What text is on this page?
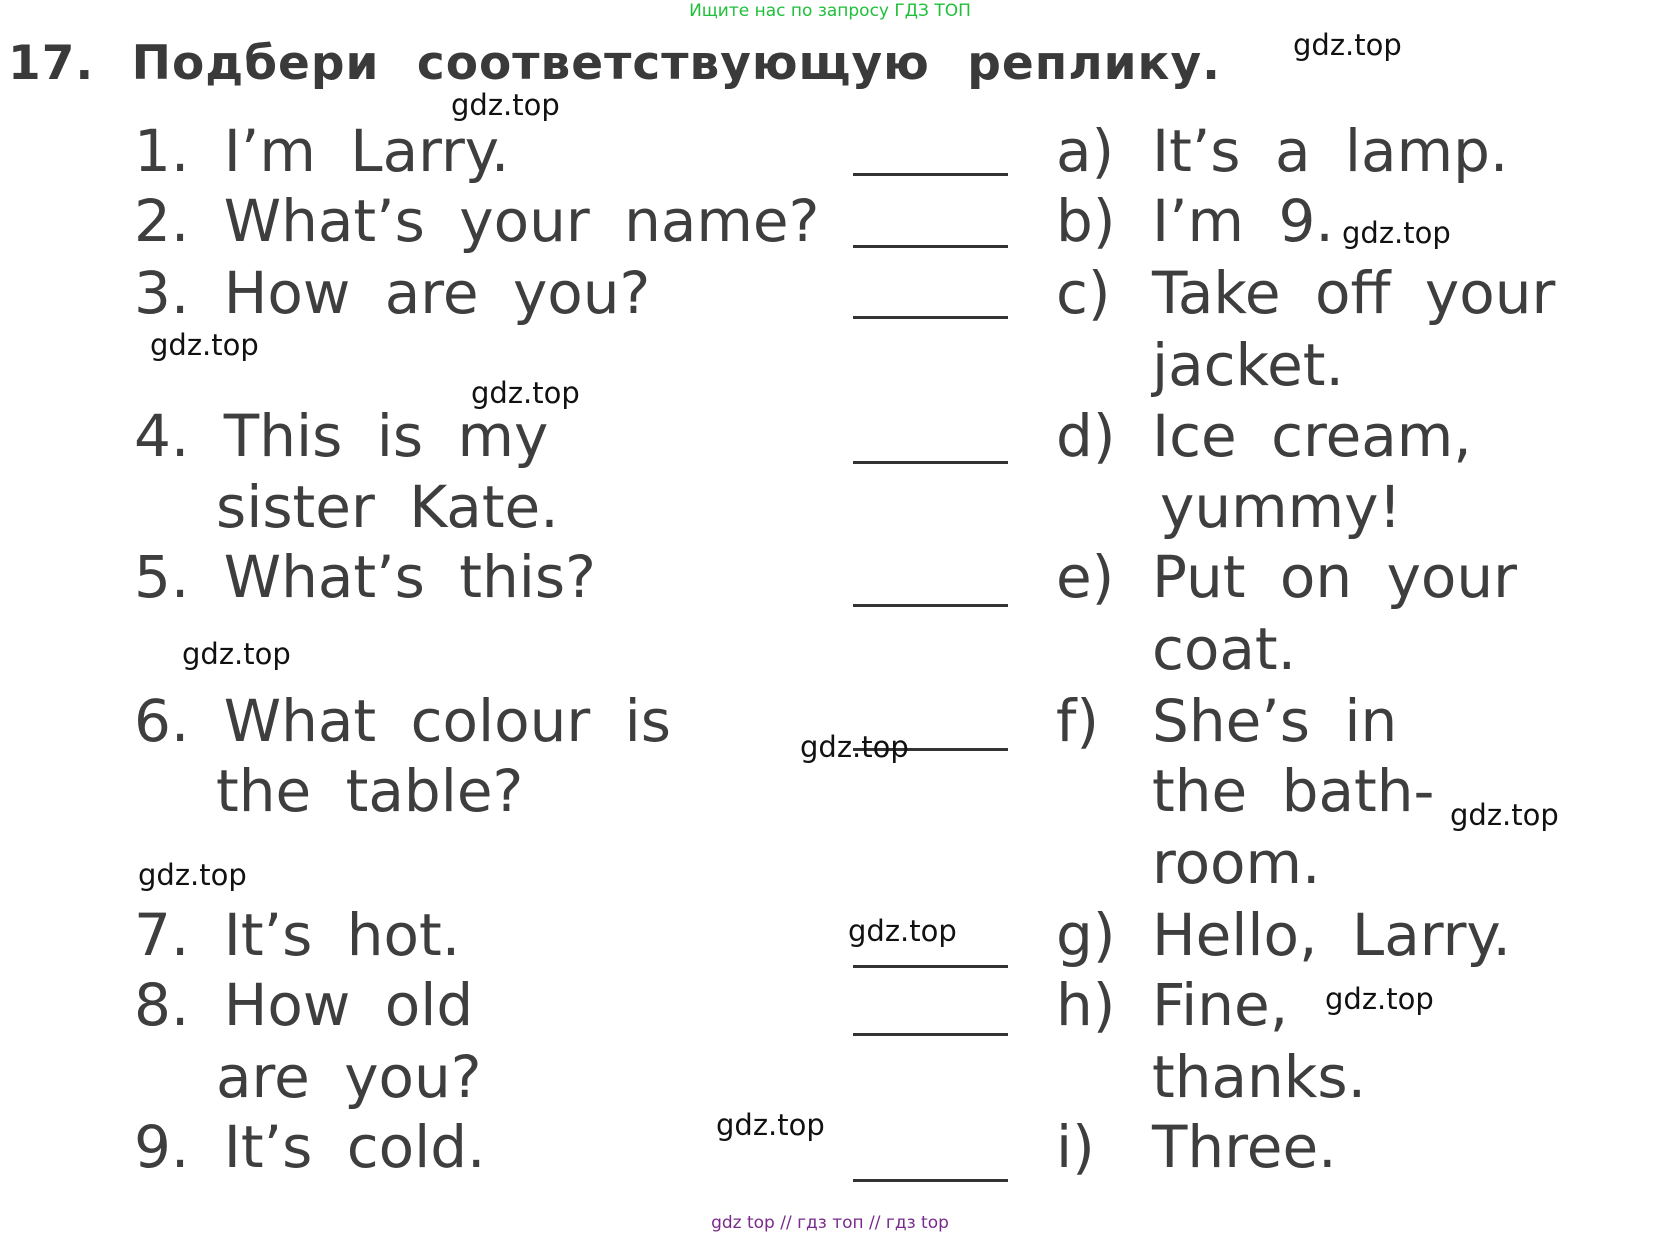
Ищите нас по запросу ГДЗ ТОП
17. Подбери соответствующую реплику.
1. I’m Larry.
2. What’s your name?
3. How are you?
4. This is my
sister Kate.
5. What’s this?
6. What colour is
the table?
7. It’s hot.
8. How old
are you?
9. It’s cold.
a) It’s a lamp.
b) I’m 9.
c) Take off your
jacket.
d) Ice cream,
yummy!
e) Put on your
coat.
f) She’s in
the bath-
room.
g) Hello, Larry.
h) Fine,
thanks.
i) Three.
gdz.top
gdz.top
gdz.top
gdz.top
gdz.top
gdz.top
gdz.top
gdz.top
gdz.top
gdz.top
gdz.top
gdz.top
gdz top // гдз топ // гдз top
